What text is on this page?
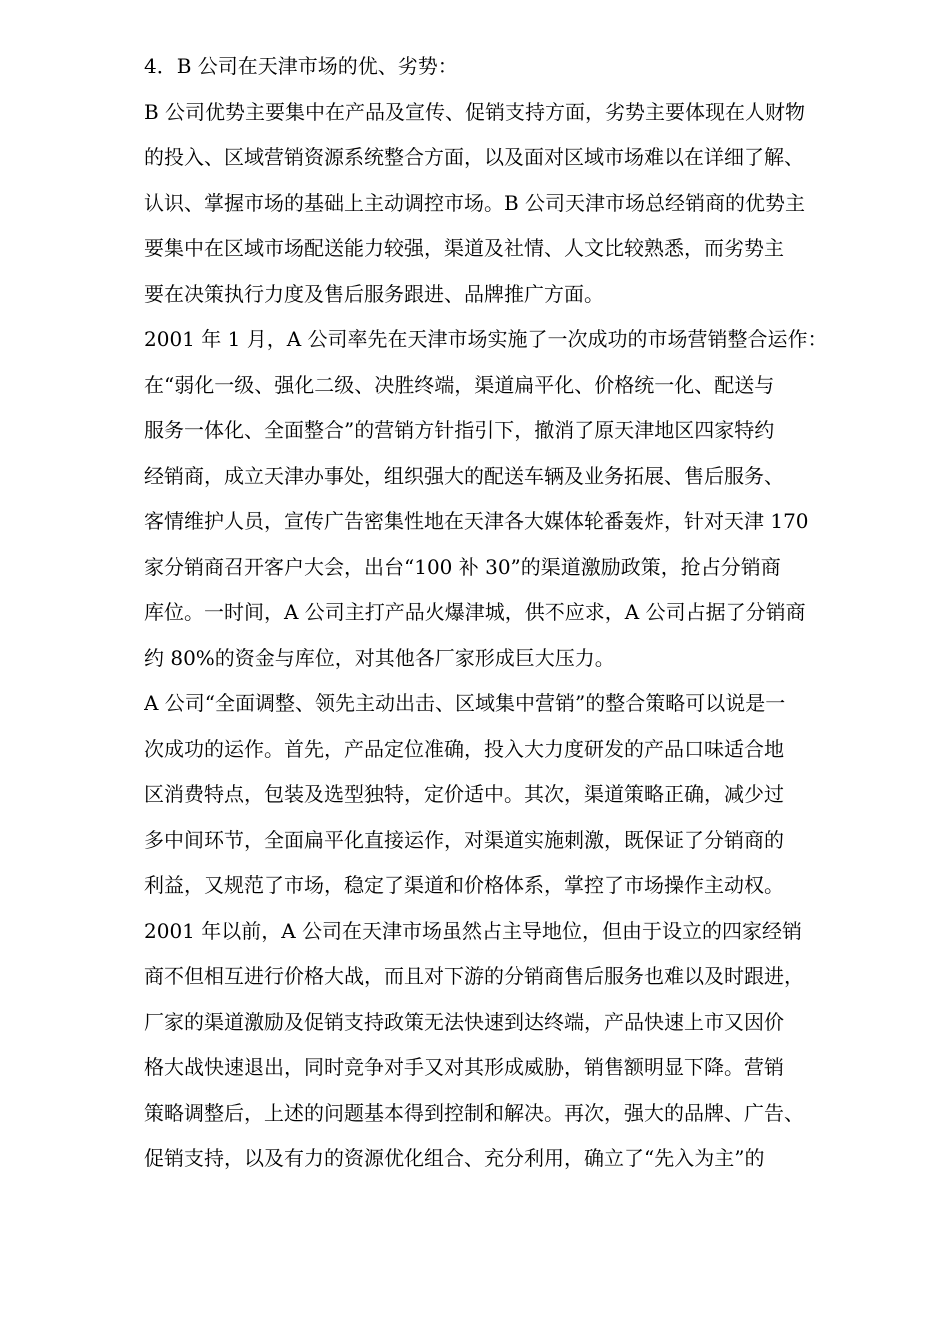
4．B 公司在天津市场的优、劣势：
B 公司优势主要集中在产品及宣传、促销支持方面，劣势主要体现在人财物
的投入、区域营销资源系统整合方面，以及面对区域市场难以在详细了解、
认识、掌握市场的基础上主动调控市场。B 公司天津市场总经销商的优势主
要集中在区域市场配送能力较强，渠道及社情、人文比较熟悉，而劣势主
要在决策执行力度及售后服务跟进、品牌推广方面。
2001 年 1 月，A 公司率先在天津市场实施了一次成功的市场营销整合运作：
在“弱化一级、强化二级、决胜终端，渠道扁平化、价格统一化、配送与
服务一体化、全面整合”的营销方针指引下，撤消了原天津地区四家特约
经销商，成立天津办事处，组织强大的配送车辆及业务拓展、售后服务、
客情维护人员，宣传广告密集性地在天津各大媒体轮番轰炸，针对天津 170
家分销商召开客户大会，出台“100 补 30”的渠道激励政策，抢占分销商
库位。一时间，A 公司主打产品火爆津城，供不应求，A 公司占据了分销商
约 80%的资金与库位，对其他各厂家形成巨大压力。
A 公司“全面调整、领先主动出击、区域集中营销”的整合策略可以说是一
次成功的运作。首先，产品定位准确，投入大力度研发的产品口味适合地
区消费特点，包装及选型独特，定价适中。其次，渠道策略正确，减少过
多中间环节，全面扁平化直接运作，对渠道实施刺激，既保证了分销商的
利益，又规范了市场，稳定了渠道和价格体系，掌控了市场操作主动权。
2001 年以前，A 公司在天津市场虽然占主导地位，但由于设立的四家经销
商不但相互进行价格大战，而且对下游的分销商售后服务也难以及时跟进，
厂家的渠道激励及促销支持政策无法快速到达终端，产品快速上市又因价
格大战快速退出，同时竞争对手又对其形成威胁，销售额明显下降。营销
策略调整后，上述的问题基本得到控制和解决。再次，强大的品牌、广告、
促销支持，以及有力的资源优化组合、充分利用，确立了“先入为主”的
